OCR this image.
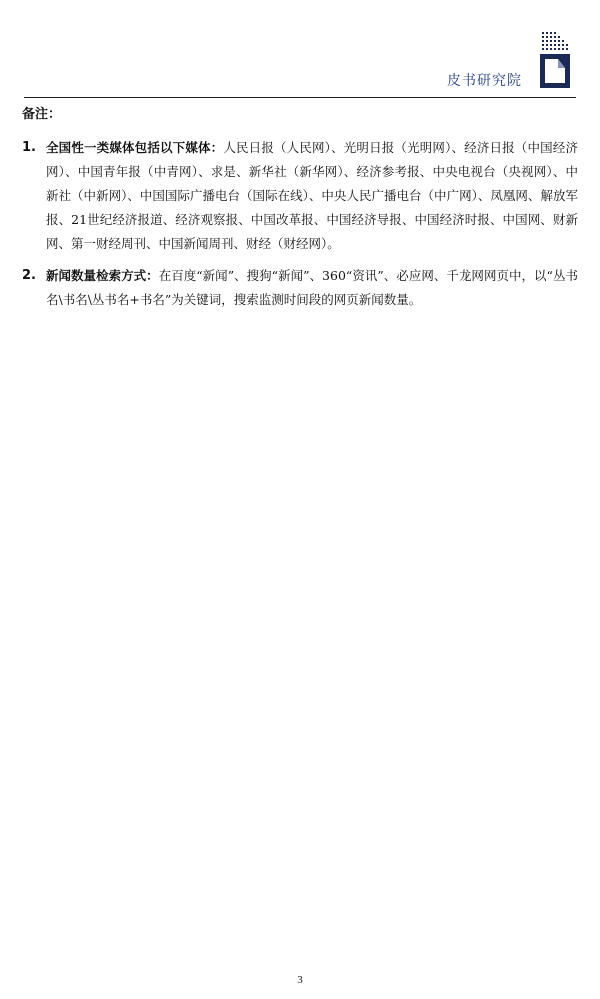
皮书研究院
备注：
1. 全国性一类媒体包括以下媒体：人民日报（人民网）、光明日报（光明网）、经济日报（中国经济网）、中国青年报（中青网）、求是、新华社（新华网）、经济参考报、中央电视台（央视网）、中新社（中新网）、中国国际广播电台（国际在线）、中央人民广播电台（中广网）、凤凰网、解放军报、21世纪经济报道、经济观察报、中国改革报、中国经济导报、中国经济时报、中国网、财新网、第一财经周刊、中国新闻周刊、财经（财经网）。
2. 新闻数量检索方式：在百度“新闻”、搜狗“新闻”、360“资讯”、必应网、千龙网网页中，以“丛书名\书名\丛书名+书名”为关键词，搜索监测时间段的网页新闻数量。
3
